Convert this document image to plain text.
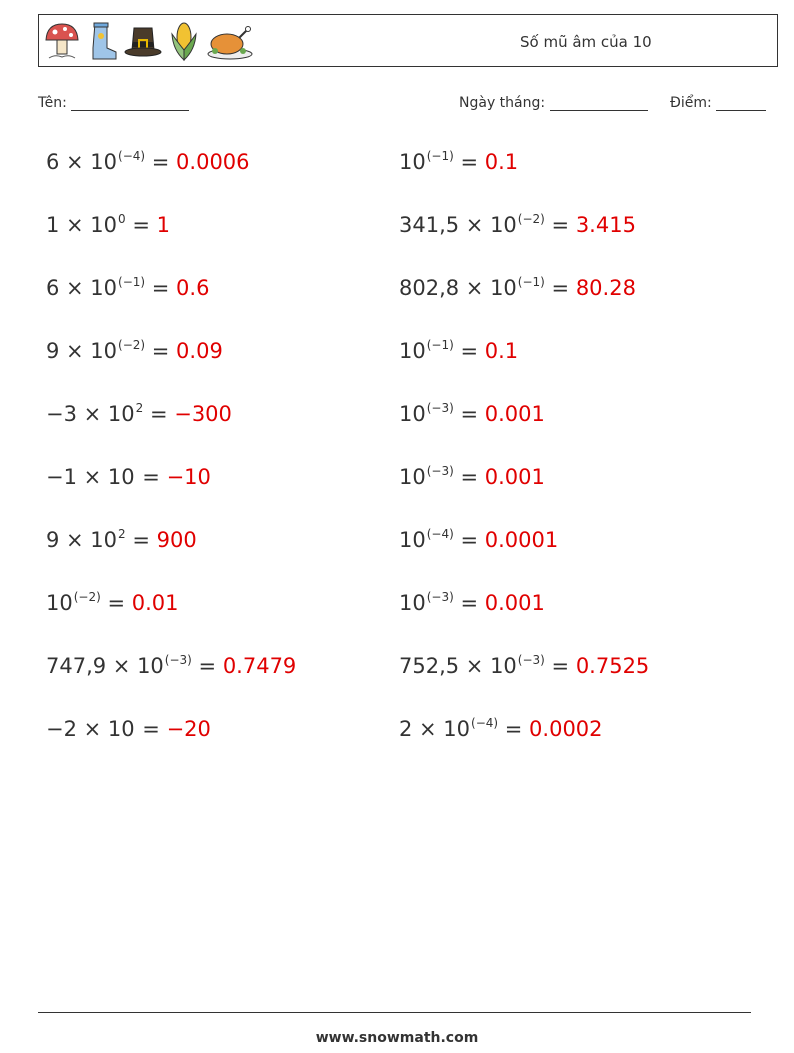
Số mũ âm của 10
Tên:	Ngày tháng:	Điểm:
$6 \times 10^{(-4)} = 0.0006$	$10^{(-1)} = 0.1$
$1 \times 10^0 = 1$	$341,5 \times 10^{(-2)} = 3.415$
$6 \times 10^{(-1)} = 0.6$	$802,8 \times 10^{(-1)} = 80.28$
$9 \times 10^{(-2)} = 0.09$	$10^{(-1)} = 0.1$
$-3 \times 10^2 = -300$	$10^{(-3)} = 0.001$
−1 × 10 = −10	$10^{(-3)} = 0.001$
$9 \times 10^2 = 900$	$10^{(-4)} = 0.0001$
$10^{(-2)} = 0.01$	$10^{(-3)} = 0.001$
$747,9 \times 10^{(-3)} = 0.7479$	$752,5 \times 10^{(-3)} = 0.7525$
−2 × 10 = −20	$2 \times 10^{(-4)} = 0.0002$
www.snowmath.com
